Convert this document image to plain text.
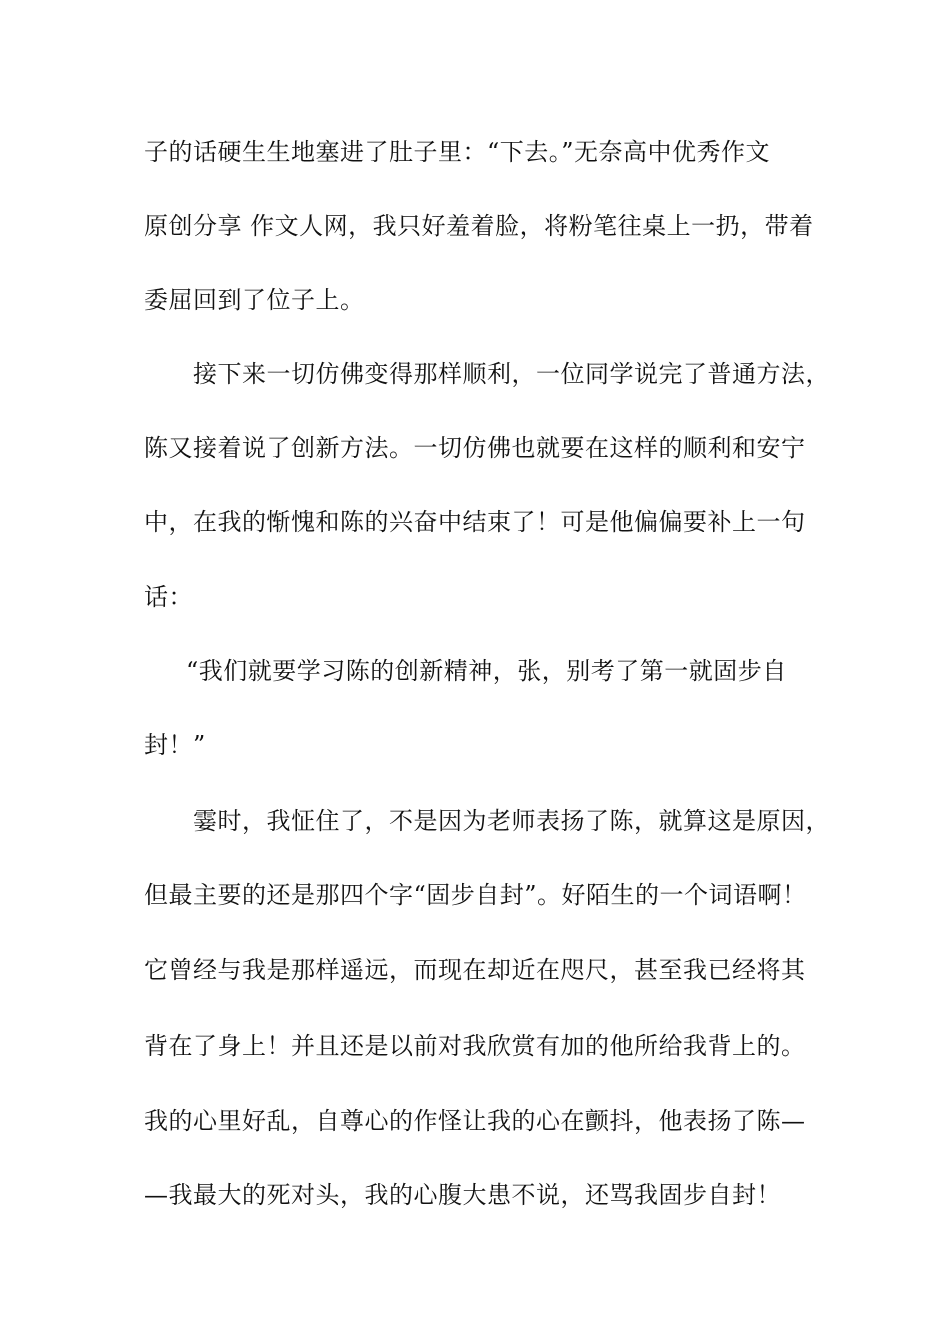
子的话硬生生地塞进了肚子里：“下去。”无奈高中优秀作文
原创分享 作文人网，我只好羞着脸，将粉笔往桌上一扔，带着
委屈回到了位子上。
接下来一切仿佛变得那样顺利，一位同学说完了普通方法，
陈又接着说了创新方法。一切仿佛也就要在这样的顺利和安宁
中，在我的惭愧和陈的兴奋中结束了！可是他偏偏要补上一句
话：
“我们就要学习陈的创新精神，张，别考了第一就固步自
封！”
霎时，我怔住了，不是因为老师表扬了陈，就算这是原因，
但最主要的还是那四个字“固步自封”。好陌生的一个词语啊！
它曾经与我是那样遥远，而现在却近在咫尺，甚至我已经将其
背在了身上！并且还是以前对我欣赏有加的他所给我背上的。
我的心里好乱，自尊心的作怪让我的心在颤抖，他表扬了陈—
—我最大的死对头，我的心腹大患不说，还骂我固步自封！
